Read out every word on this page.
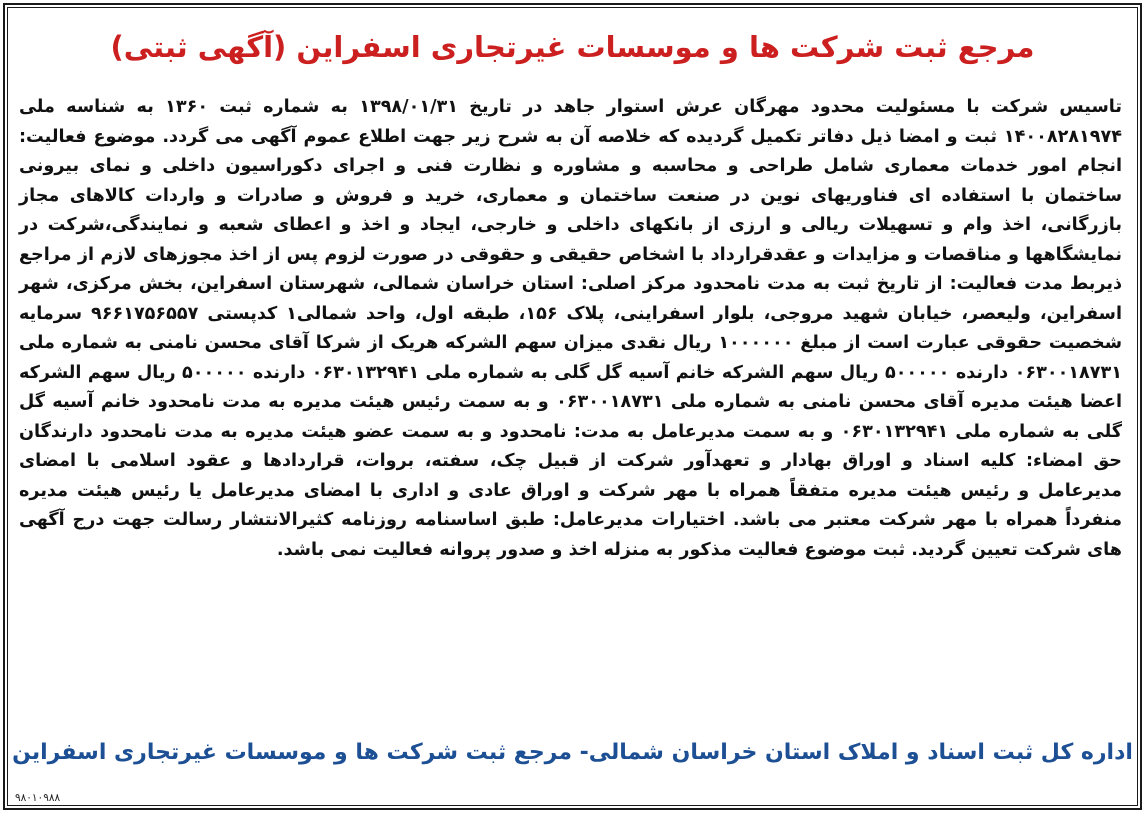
مرجع ثبت شرکت ها و موسسات غیرتجاری اسفراین (آگهی ثبتی)
تاسیس شرکت با مسئولیت محدود مهرگان عرش استوار جاهد در تاریخ ۱۳۹۸/۰۱/۳۱ به شماره ثبت ۱۳۶۰ به شناسه ملی ۱۴۰۰۸۲۸۱۹۷۴ ثبت و امضا ذیل دفاتر تکمیل گردیده که خلاصه آن به شرح زیر جهت اطلاع عموم آگهی می گردد. موضوع فعالیت: انجام امور خدمات معماری شامل طراحی و محاسبه و مشاوره و نظارت فنی و اجرای دکوراسیون داخلی و نمای بیرونی ساختمان با استفاده ای فناوریهای نوین در صنعت ساختمان و معماری، خرید و فروش و صادرات و واردات کالاهای مجاز بازرگانی، اخذ وام و تسهیلات ریالی و ارزی از بانکهای داخلی و خارجی، ایجاد و اخذ و اعطای شعبه و نمایندگی،شرکت در نمایشگاهها و مناقصات و مزایدات و عقدقرارداد با اشخاص حقیقی و حقوقی در صورت لزوم پس از اخذ مجوزهای لازم از مراجع ذیربط مدت فعالیت: از تاریخ ثبت به مدت نامحدود مرکز اصلی: استان خراسان شمالی، شهرستان اسفراین، بخش مرکزی، شهر اسفراین، ولیعصر، خیابان شهید مروجی، بلوار اسفراینی، پلاک ۱۵۶، طبقه اول، واحد شمالی۱ کدپستی ۹۶۶۱۷۵۶۵۵۷ سرمایه شخصیت حقوقی عبارت است از مبلغ ۱۰۰۰۰۰۰ ریال نقدی میزان سهم الشرکه هریک از شرکا آقای محسن نامنی به شماره ملی ۰۶۳۰۰۱۸۷۳۱ دارنده ۵۰۰۰۰۰ ریال سهم الشرکه خانم آسیه گل گلی به شماره ملی ۰۶۳۰۱۳۲۹۴۱ دارنده ۵۰۰۰۰۰ ریال سهم الشرکه اعضا هیئت مدیره آقای محسن نامنی به شماره ملی ۰۶۳۰۰۱۸۷۳۱ و به سمت رئیس هیئت مدیره به مدت نامحدود خانم آسیه گل گلی به شماره ملی ۰۶۳۰۱۳۲۹۴۱ و به سمت مدیرعامل به مدت: نامحدود و به سمت عضو هیئت مدیره به مدت نامحدود دارندگان حق امضاء: کلیه اسناد و اوراق بهادار و تعهدآور شرکت از قبیل چک، سفته، بروات، قراردادها و عقود اسلامی با امضای مدیرعامل و رئیس هیئت مدیره متفقاً همراه با مهر شرکت و اوراق عادی و اداری با امضای مدیرعامل یا رئیس هیئت مدیره منفرداً همراه با مهر شرکت معتبر می باشد. اختیارات مدیرعامل: طبق اساسنامه روزنامه کثیرالانتشار رسالت جهت درج آگهی های شرکت تعیین گردید. ثبت موضوع فعالیت مذکور به منزله اخذ و صدور پروانه فعالیت نمی باشد.
اداره کل ثبت اسناد و املاک استان خراسان شمالی- مرجع ثبت شرکت ها و موسسات غیرتجاری اسفراین
۹۸۰۱۰۹۸۸
